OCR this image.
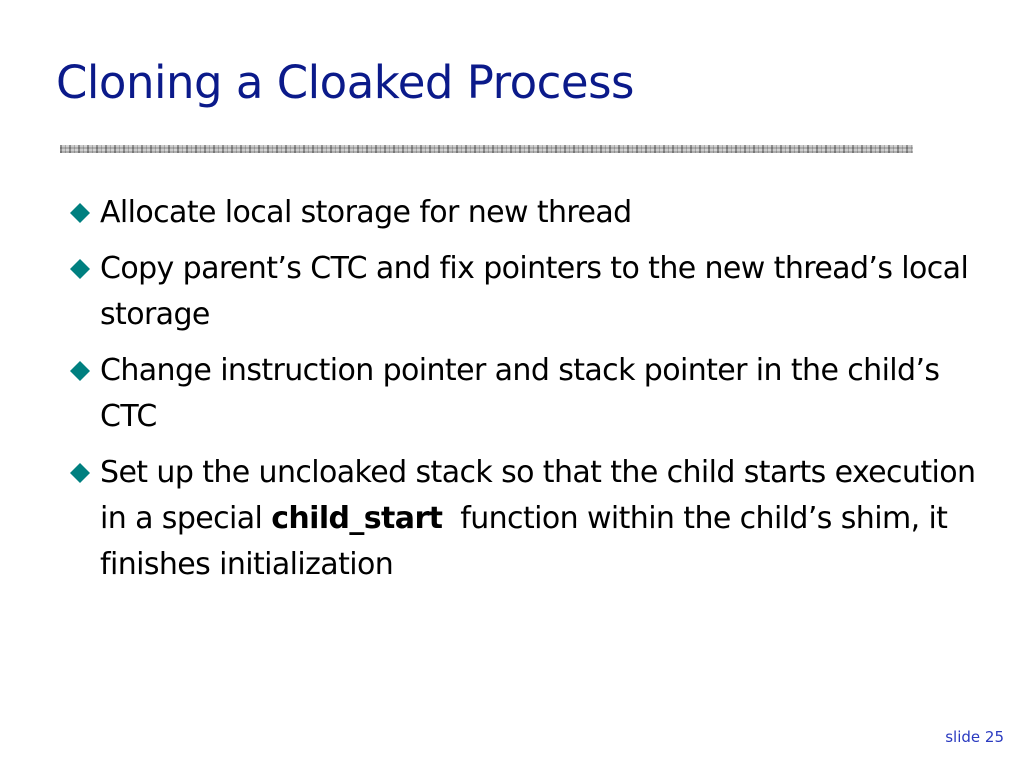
Cloning a Cloaked Process
Allocate local storage for new thread
Copy parent’s CTC and fix pointers to the new thread’s local storage
Change instruction pointer and stack pointer in the child’s CTC
Set up the uncloaked stack so that the child starts execution in a special child_start  function within the child’s shim, it finishes initialization
slide 25
